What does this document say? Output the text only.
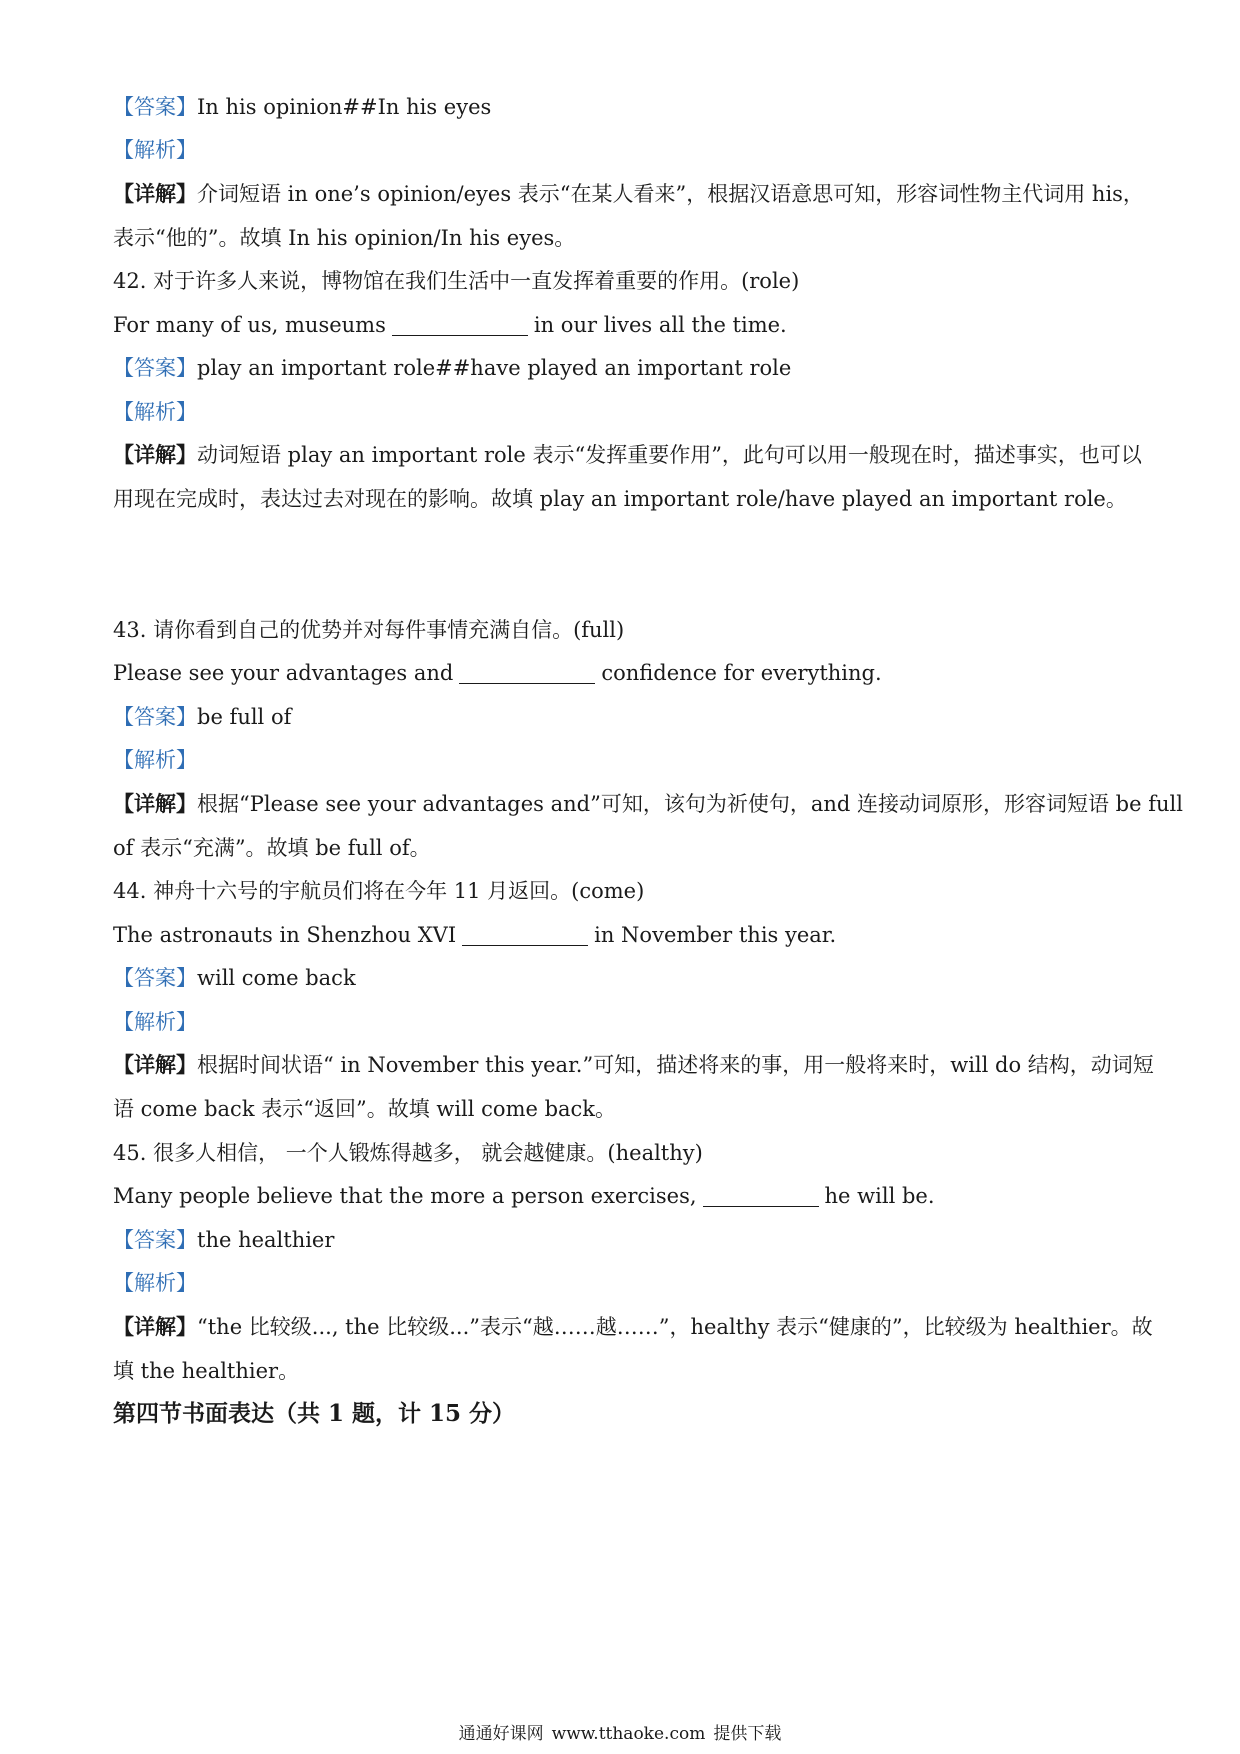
【答案】In his opinion##In his eyes
【解析】
【详解】介词短语 in one’s opinion/eyes 表示“在某人看来”，根据汉语意思可知，形容词性物主代词用 his，
表示“他的”。故填 In his opinion/In his eyes。
42. 对于许多人来说，博物馆在我们生活中一直发挥着重要的作用。(role)
For many of us, museums	in our lives all the time.
【答案】play an important role##have played an important role
【解析】
【详解】动词短语 play an important role 表示“发挥重要作用”，此句可以用一般现在时，描述事实，也可以
用现在完成时，表达过去对现在的影响。故填 play an important role/have played an important role。
43. 请你看到自己的优势并对每件事情充满自信。(full)
Please see your advantages and	confidence for everything.
【答案】be full of
【解析】
【详解】根据“Please see your advantages and”可知，该句为祈使句，and 连接动词原形，形容词短语 be full
of 表示“充满”。故填 be full of。
44. 神舟十六号的宇航员们将在今年 11 月返回。(come)
The astronauts in Shenzhou XVI	in November this year.
【答案】will come back
【解析】
【详解】根据时间状语“ in November this year.”可知，描述将来的事，用一般将来时，will do 结构，动词短
语 come back 表示“返回”。故填 will come back。
45. 很多人相信， 一个人锻炼得越多， 就会越健康。(healthy)
Many people believe that the more a person exercises,	he will be.
【答案】the healthier
【解析】
【详解】“the 比较级..., the 比较级...”表示“越……越……”，healthy 表示“健康的”，比较级为 healthier。故
填 the healthier。
第四节书面表达（共 1 题，计 15 分）
通通好课网 www.tthaoke.com 提供下载
